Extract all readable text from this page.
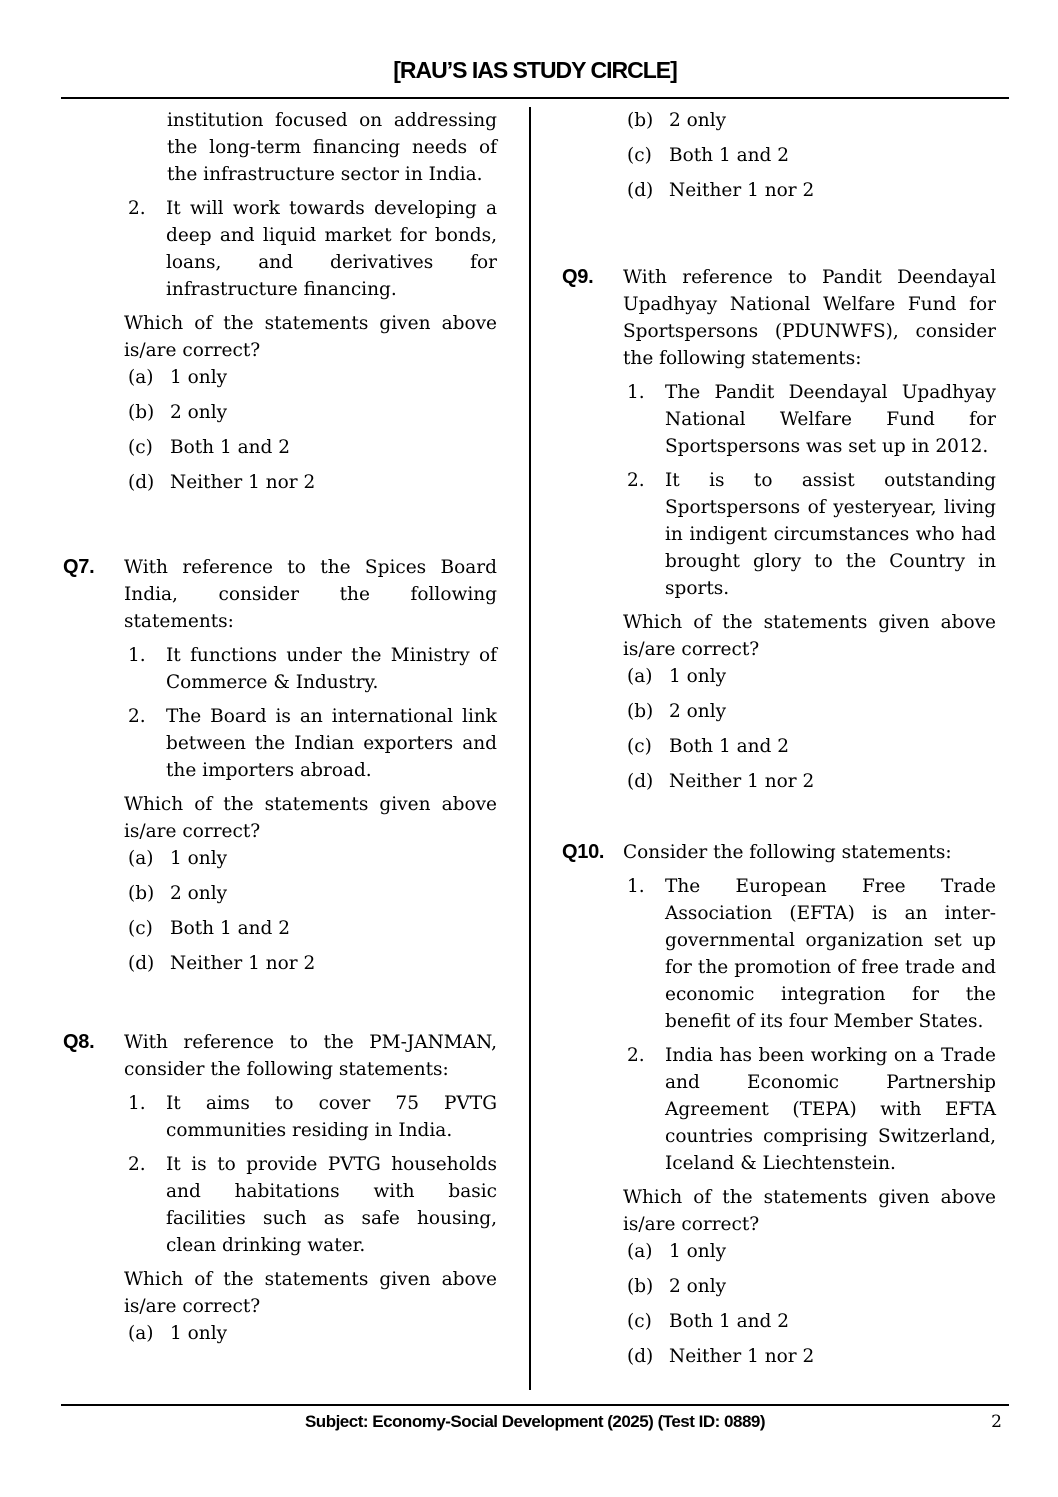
[RAU’S IAS STUDY CIRCLE]

institution focused on addressing the long-term financing needs of the infrastructure sector in India.

2.	It will work towards developing a deep and liquid market for bonds, loans, and derivatives for infrastructure financing.

Which of the statements given above is/are correct?

(a) 1 only
(b) 2 only
(c) Both 1 and 2
(d) Neither 1 nor 2
Q7.	With reference to the Spices Board India, consider the following statements:

1.	It functions under the Ministry of Commerce & Industry.
2.	The Board is an international link between the Indian exporters and the importers abroad.

Which of the statements given above is/are correct?

(a) 1 only
(b) 2 only
(c) Both 1 and 2
(d) Neither 1 nor 2
Q8.	With reference to the PM-JANMAN, consider the following statements:

1.	It aims to cover 75 PVTG communities residing in India.
2.	It is to provide PVTG households and habitations with basic facilities such as safe housing, clean drinking water.

Which of the statements given above is/are correct?

(a) 1 only
(b) 2 only
(c) Both 1 and 2
(d) Neither 1 nor 2
Q9.	With reference to Pandit Deendayal Upadhyay National Welfare Fund for Sportspersons (PDUNWFS), consider the following statements:

1.	The Pandit Deendayal Upadhyay National Welfare Fund for Sportspersons was set up in 2012.
2.	It is to assist outstanding Sportspersons of yesteryear, living in indigent circumstances who had brought glory to the Country in sports.

Which of the statements given above is/are correct?

(a) 1 only
(b) 2 only
(c) Both 1 and 2
(d) Neither 1 nor 2
Q10.	Consider the following statements:

1.	The European Free Trade Association (EFTA) is an inter-governmental organization set up for the promotion of free trade and economic integration for the benefit of its four Member States.
2.	India has been working on a Trade and Economic Partnership Agreement (TEPA) with EFTA countries comprising Switzerland, Iceland & Liechtenstein.

Which of the statements given above is/are correct?

(a) 1 only
(b) 2 only
(c) Both 1 and 2
(d) Neither 1 nor 2
Subject: Economy-Social Development (2025) (Test ID: 0889)	2
